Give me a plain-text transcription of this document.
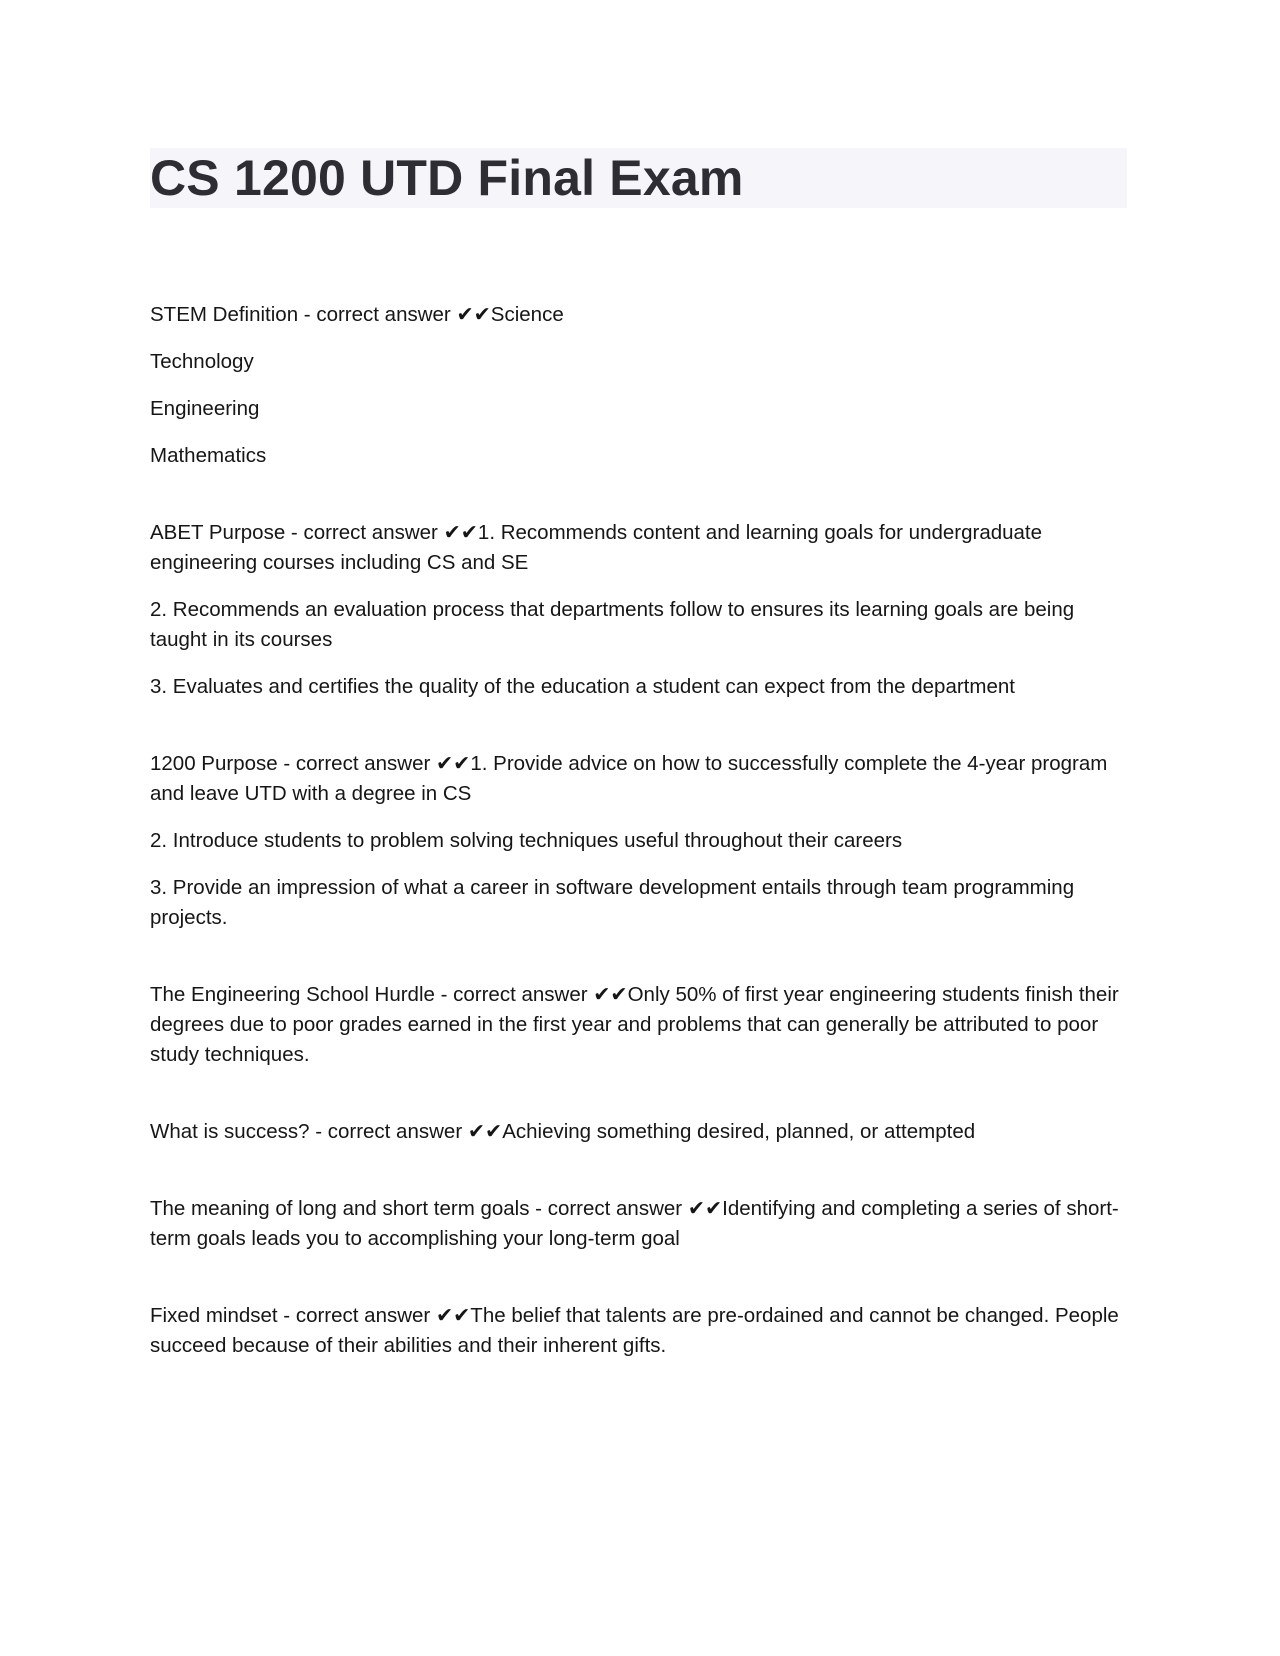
CS 1200 UTD Final Exam

STEM Definition - correct answer ✔✔Science

Technology

Engineering

Mathematics

ABET Purpose - correct answer ✔✔1. Recommends content and learning goals for undergraduate engineering courses including CS and SE

2. Recommends an evaluation process that departments follow to ensures its learning goals are being taught in its courses

3. Evaluates and certifies the quality of the education a student can expect from the department

1200 Purpose - correct answer ✔✔1. Provide advice on how to successfully complete the 4-year program and leave UTD with a degree in CS

2. Introduce students to problem solving techniques useful throughout their careers

3. Provide an impression of what a career in software development entails through team programming projects.

The Engineering School Hurdle - correct answer ✔✔Only 50% of first year engineering students finish their degrees due to poor grades earned in the first year and problems that can generally be attributed to poor study techniques.

What is success? - correct answer ✔✔Achieving something desired, planned, or attempted

The meaning of long and short term goals - correct answer ✔✔Identifying and completing a series of short-term goals leads you to accomplishing your long-term goal

Fixed mindset - correct answer ✔✔The belief that talents are pre-ordained and cannot be changed. People succeed because of their abilities and their inherent gifts.
